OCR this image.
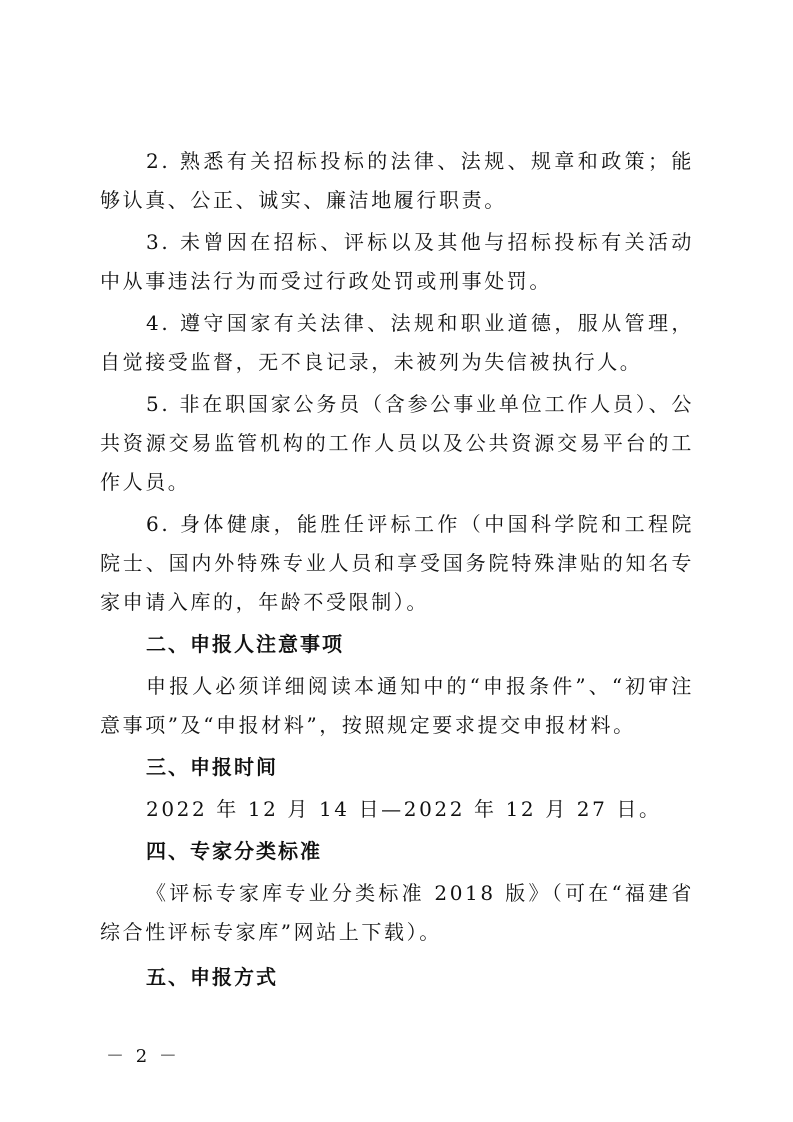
2. 熟悉有关招标投标的法律、法规、规章和政策；能够认真、公正、诚实、廉洁地履行职责。

3. 未曾因在招标、评标以及其他与招标投标有关活动中从事违法行为而受过行政处罚或刑事处罚。

4. 遵守国家有关法律、法规和职业道德，服从管理，自觉接受监督，无不良记录，未被列为失信被执行人。

5. 非在职国家公务员（含参公事业单位工作人员）、公共资源交易监管机构的工作人员以及公共资源交易平台的工作人员。

6. 身体健康，能胜任评标工作（中国科学院和工程院院士、国内外特殊专业人员和享受国务院特殊津贴的知名专家申请入库的，年龄不受限制）。

二、申报人注意事项

申报人必须详细阅读本通知中的“申报条件”、“初审注意事项”及“申报材料”，按照规定要求提交申报材料。

三、申报时间

2022 年 12 月 14 日—2022 年 12 月 27 日。

四、专家分类标准

《评标专家库专业分类标准 2018 版》（可在“福建省综合性评标专家库”网站上下载）。

五、申报方式

－ 2 －
